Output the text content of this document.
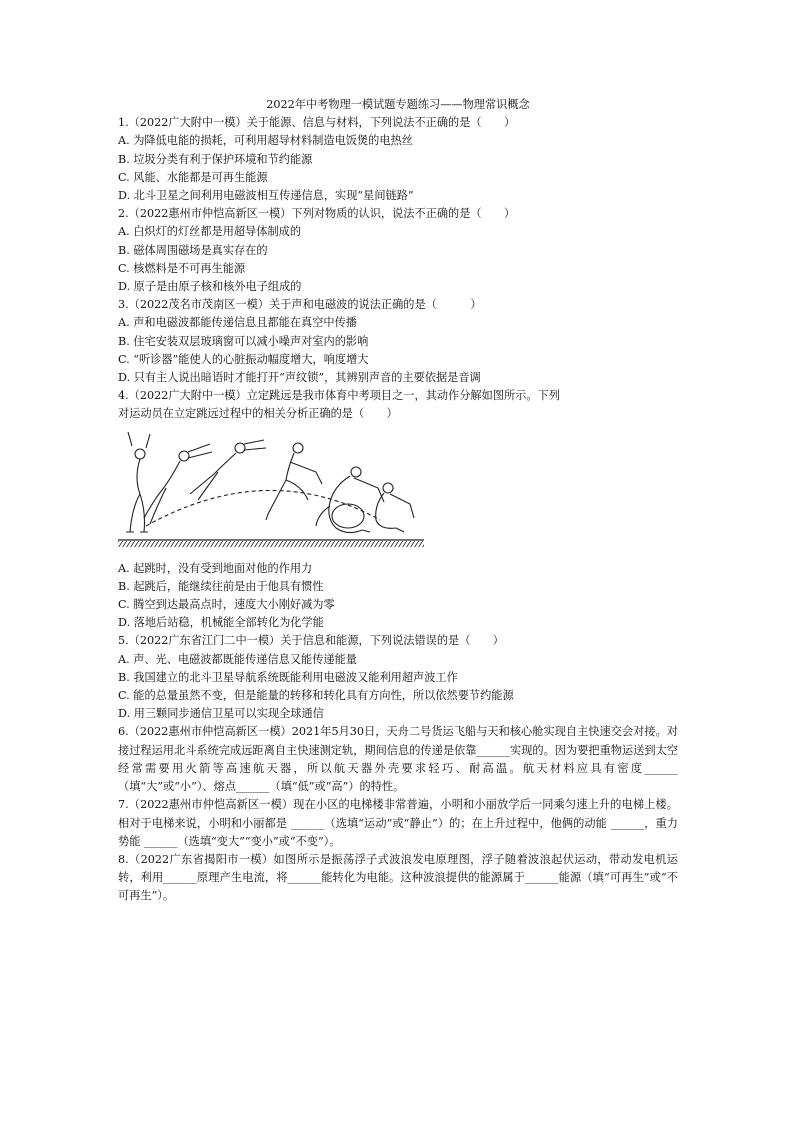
2022年中考物理一模试题专题练习——物理常识概念

1.（2022广大附中一模）关于能源、信息与材料，下列说法不正确的是（　　）

A. 为降低电能的损耗，可利用超导材料制造电饭煲的电热丝

B. 垃圾分类有利于保护环境和节约能源

C. 风能、水能都是可再生能源

D. 北斗卫星之间利用电磁波相互传递信息，实现“星间链路”

2.（2022惠州市仲恺高新区一模）下列对物质的认识，说法不正确的是（　　）

A. 白炽灯的灯丝都是用超导体制成的

B. 磁体周围磁场是真实存在的

C. 核燃料是不可再生能源

D. 原子是由原子核和核外电子组成的

3.（2022茂名市茂南区一模）关于声和电磁波的说法正确的是（　　　）

A. 声和电磁波都能传递信息且都能在真空中传播

B. 住宅安装双层玻璃窗可以减小噪声对室内的影响

C. “听诊器”能使人的心脏振动幅度增大，响度增大

D. 只有主人说出暗语时才能打开“声纹锁”，其辨别声音的主要依据是音调

4.（2022广大附中一模）立定跳远是我市体育中考项目之一，其动作分解如图所示。下列

对运动员在立定跳远过程中的相关分析正确的是（　　）

A. 起跳时，没有受到地面对他的作用力

B. 起跳后，能继续往前是由于他具有惯性

C. 腾空到达最高点时，速度大小刚好减为零

D. 落地后站稳，机械能全部转化为化学能

5.（2022广东省江门二中一模）关于信息和能源，下列说法错误的是（　　）

A. 声、光、电磁波都既能传递信息又能传递能量

B. 我国建立的北斗卫星导航系统既能利用电磁波又能利用超声波工作

C. 能的总量虽然不变，但是能量的转移和转化具有方向性，所以依然要节约能源

D. 用三颗同步通信卫星可以实现全球通信

6.（2022惠州市仲恺高新区一模）2021年5月30日，天舟二号货运飞船与天和核心舱实现自主快速交会对接。对接过程运用北斗系统完成远距离自主快速测定轨，期间信息的传递是依靠______实现的。因为要把重物运送到太空经常需要用火箭等高速航天器，所以航天器外壳要求轻巧、耐高温。航天材料应具有密度______（填“大”或“小”）、熔点______（填“低”或“高”）的特性。

7.（2022惠州市仲恺高新区一模）现在小区的电梯楼非常普遍，小明和小丽放学后一同乘匀速上升的电梯上楼。相对于电梯来说，小明和小丽都是 ______（选填“运动”或“静止”）的；在上升过程中，他俩的动能 ______，重力势能 ______（选填“变大”“变小”或“不变”）。

8.（2022广东省揭阳市一模）如图所示是振荡浮子式波浪发电原理图，浮子随着波浪起伏运动，带动发电机运转，利用______原理产生电流，将______能转化为电能。这种波浪提供的能源属于______能源（填“可再生”或“不可再生”）。
